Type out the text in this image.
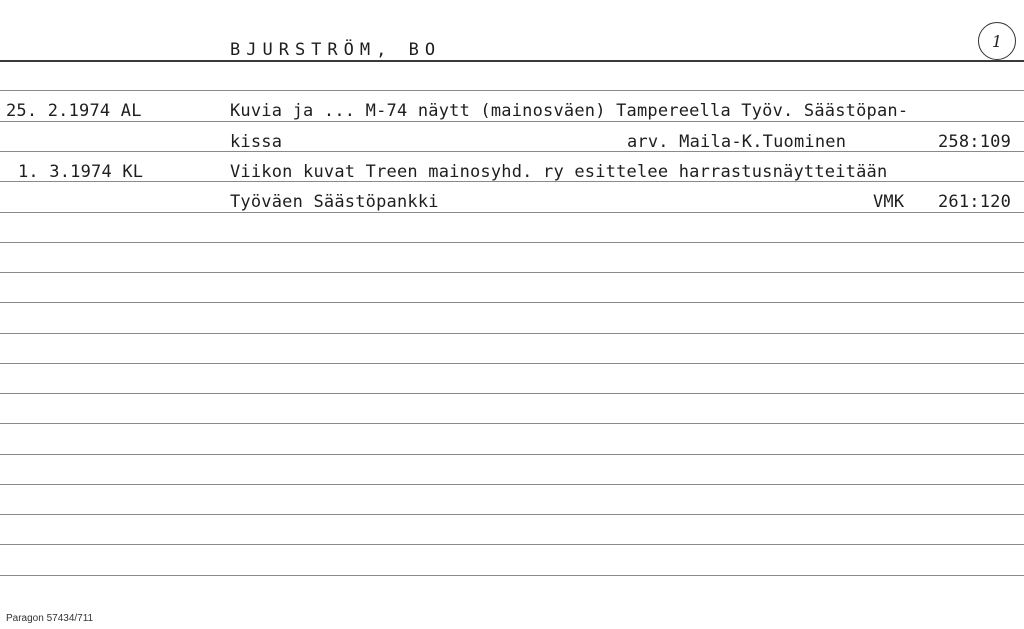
BJURSTRÖM, BO	1
25. 2.1974 AL	Kuvia ja ... M-74 näytt (mainosväen) Tampereella Työv. Säästöpan-
kissa	arv. Maila-K.Tuominen	258:109
1. 3.1974 KL	Viikon kuvat Treen mainosyhd. ry esittelee harrastusnäytteitään
Työväen Säästöpankki	VMK 261:120
Paragon 57434/711
